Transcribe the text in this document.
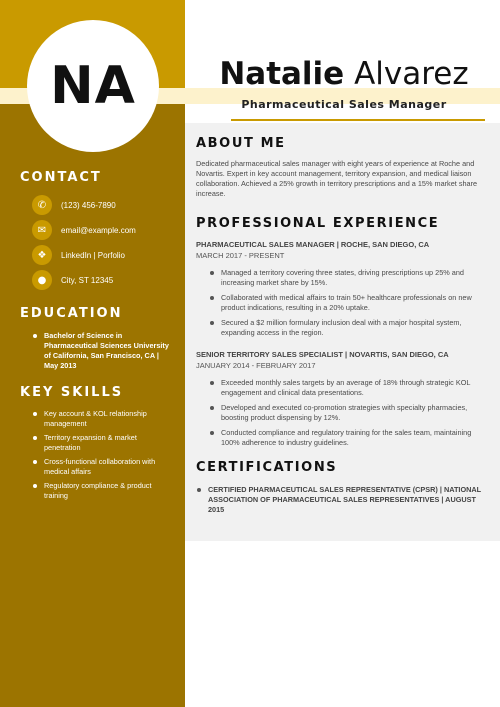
NA	Natalie Alvarez
Pharmaceutical Sales Manager
CONTACT
✆	(123) 456-7890
✉	email@example.com
❖	LinkedIn | Porfolio
●	City, ST 12345
EDUCATION
Bachelor of Science in Pharmaceutical Sciences University of California, San Francisco, CA | May 2013
KEY SKILLS
Key account & KOL relationship management
Territory expansion & market penetration
Cross-functional collaboration with medical affairs
Regulatory compliance & product training
ABOUT ME
Dedicated pharmaceutical sales manager with eight years of experience at Roche and Novartis. Expert in key account management, territory expansion, and medical liaison collaboration. Achieved a 25% growth in territory prescriptions and a 15% market share increase.
PROFESSIONAL EXPERIENCE
PHARMACEUTICAL SALES MANAGER | ROCHE, SAN DIEGO, CA
MARCH 2017 - PRESENT
Managed a territory covering three states, driving prescriptions up 25% and increasing market share by 15%.
Collaborated with medical affairs to train 50+ healthcare professionals on new product indications, resulting in a 20% uptake.
Secured a $2 million formulary inclusion deal with a major hospital system, expanding access in the region.
SENIOR TERRITORY SALES SPECIALIST | NOVARTIS, SAN DIEGO, CA
JANUARY 2014 - FEBRUARY 2017
Exceeded monthly sales targets by an average of 18% through strategic KOL engagement and clinical data presentations.
Developed and executed co-promotion strategies with specialty pharmacies, boosting product dispensing by 12%.
Conducted compliance and regulatory training for the sales team, maintaining 100% adherence to industry guidelines.
CERTIFICATIONS
CERTIFIED PHARMACEUTICAL SALES REPRESENTATIVE (CPSR) | NATIONAL ASSOCIATION OF PHARMACEUTICAL SALES REPRESENTATIVES | AUGUST 2015
